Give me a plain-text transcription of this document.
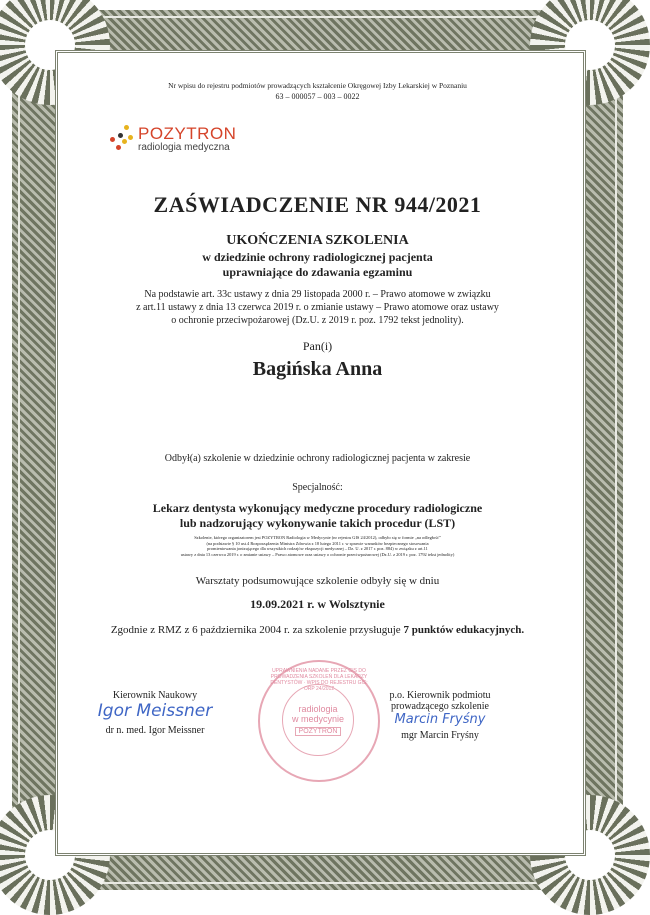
Nr wpisu do rejestru podmiotów prowadzących kształcenie Okręgowej Izby Lekarskiej w Poznaniu
63 – 000057 – 003 – 0022
POZYTRON
radiologia medyczna
ZAŚWIADCZENIE NR 944/2021
UKOŃCZENIA SZKOLENIA
w dziedzinie ochrony radiologicznej pacjenta
uprawniające do zdawania egzaminu
Na podstawie art. 33c ustawy z dnia 29 listopada 2000 r. – Prawo atomowe w związku
z art.11 ustawy z dnia 13 czerwca 2019 r. o zmianie ustawy – Prawo atomowe oraz ustawy
o ochronie przeciwpożarowej (Dz.U. z 2019 r. poz. 1792 tekst jednolity).
Pan(i)
Bagińska Anna
Odbył(a) szkolenie w dziedzinie ochrony radiologicznej pacjenta w zakresie
Specjalność:
Lekarz dentysta wykonujący medyczne procedury radiologiczne
lub nadzorujący wykonywanie takich procedur (LST)
Szkolenie, którego organizatorem jest POZYTRON Radiologia w Medycynie (nr rejestru GIS 24/2012), odbyło się w formie „na odległość”
(na podstawie § 10 ust.4 Rozporządzenia Ministra Zdrowia z 18 lutego 2011 r. w sprawie warunków bezpiecznego stosowania
promieniowania jonizującego dla wszystkich rodzajów ekspozycji medycznej – Dz. U. z 2017 r. poz. 884) w związku z art.11
ustawy z dnia 13 czerwca 2019 r. o zmianie ustawy – Prawo atomowe oraz ustawy o ochronie przeciwpożarowej (Dz.U. z 2019 r. poz. 1792 tekst jednolity)
Warsztaty podsumowujące szkolenie odbyły się w dniu
19.09.2021 r. w Wolsztynie
Zgodnie z RMZ z 6 października 2004 r. za szkolenie przysługuje 7 punktów edukacyjnych.
Kierownik Naukowy
Igor Meissner
dr n. med. Igor Meissner
UPRAWNIENIA NADANE PRZEZ GIS DO PROWADZENIA SZKOLEŃ DLA LEKARZY DENTYSTÓW · WPIS DO REJESTRU GIS: ORP 24/2012
radiologia
w medycynie
POZYTRON
p.o. Kierownik podmiotu
prowadzącego szkolenie
Marcin Fryśny
mgr Marcin Fryśny
